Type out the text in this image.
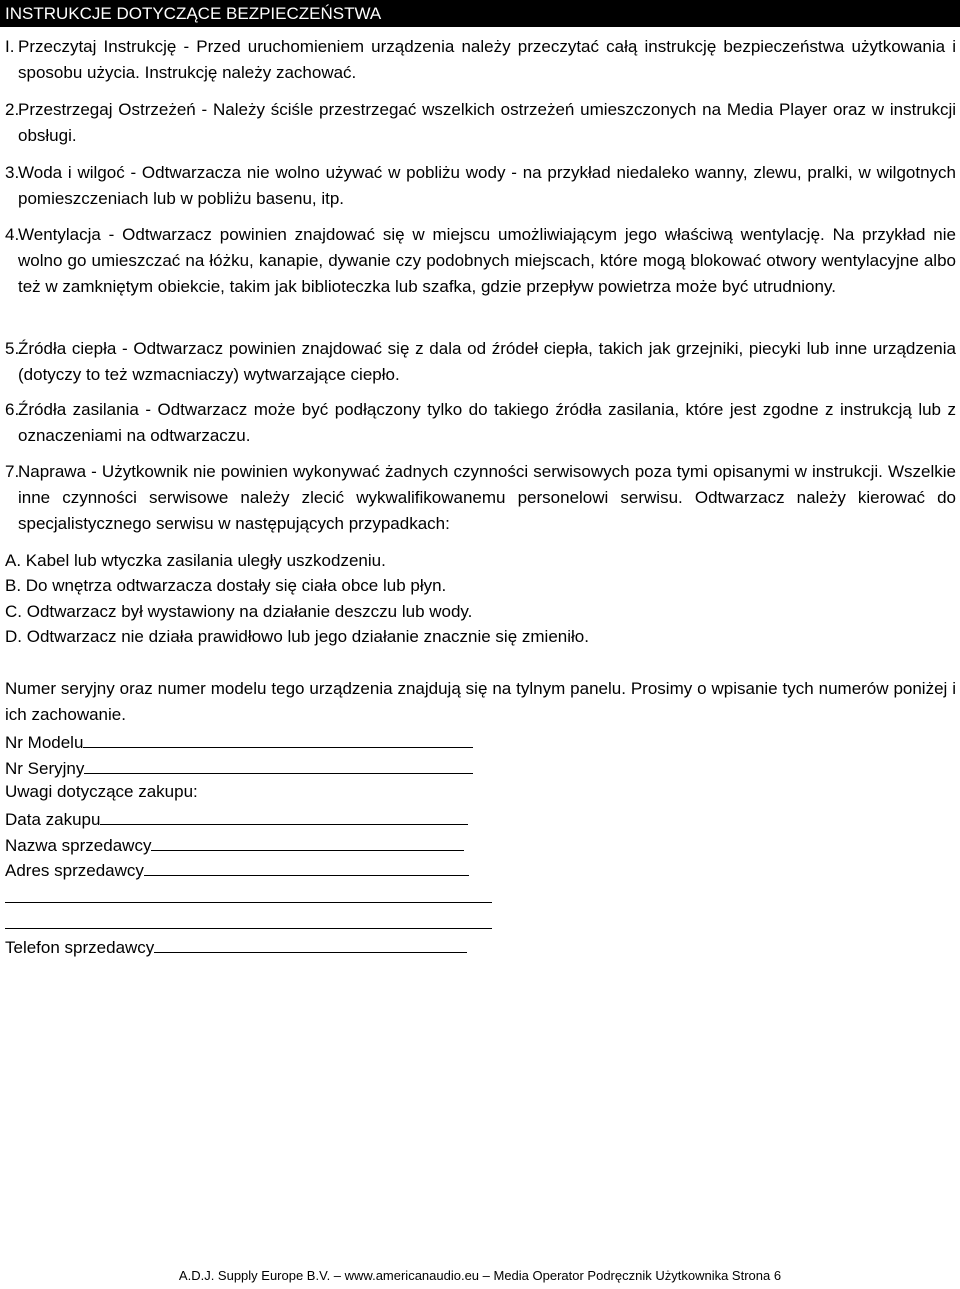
INSTRUKCJE DOTYCZĄCE BEZPIECZEŃSTWA
I. Przeczytaj Instrukcję - Przed uruchomieniem urządzenia należy przeczytać całą instrukcję bezpieczeństwa użytkowania i sposobu użycia. Instrukcję należy zachować.
2.
Przestrzegaj Ostrzeżeń - Należy ściśle przestrzegać wszelkich ostrzeżeń umieszczonych na Media Player oraz w instrukcji obsługi.
3.
Woda i wilgoć - Odtwarzacza nie wolno używać w pobliżu wody - na przykład niedaleko wanny, zlewu, pralki, w wilgotnych pomieszczeniach lub w pobliżu basenu, itp.
4.
Wentylacja - Odtwarzacz powinien znajdować się w miejscu umożliwiającym jego właściwą wentylację. Na przykład nie wolno go umieszczać na łóżku, kanapie, dywanie czy podobnych miejscach, które mogą blokować otwory wentylacyjne albo też w zamkniętym obiekcie, takim jak biblioteczka lub szafka, gdzie przepływ powietrza może być utrudniony.
5.
Źródła ciepła - Odtwarzacz powinien znajdować się z dala od źródeł ciepła, takich jak grzejniki, piecyki lub inne urządzenia (dotyczy to też wzmacniaczy) wytwarzające ciepło.
6.
Źródła zasilania - Odtwarzacz może być podłączony tylko do takiego źródła zasilania, które jest zgodne z instrukcją lub z oznaczeniami na odtwarzaczu.
7.
Naprawa - Użytkownik nie powinien wykonywać żadnych czynności serwisowych poza tymi opisanymi w instrukcji. Wszelkie inne czynności serwisowe należy zlecić wykwalifikowanemu personelowi serwisu. Odtwarzacz należy kierować do specjalistycznego serwisu w następujących przypadkach:
A. Kabel lub wtyczka zasilania uległy uszkodzeniu.
B. Do wnętrza odtwarzacza dostały się ciała obce lub płyn.
C. Odtwarzacz był wystawiony na działanie deszczu lub wody.
D. Odtwarzacz nie działa prawidłowo lub jego działanie znacznie się zmieniło.
Numer seryjny oraz numer modelu tego urządzenia znajdują się na tylnym panelu. Prosimy o wpisanie tych numerów poniżej i ich zachowanie.
Nr Modelu
Nr Seryjny
Uwagi dotyczące zakupu:
Data zakupu
Nazwa sprzedawcy
Adres sprzedawcy
Telefon sprzedawcy
A.D.J. Supply Europe B.V. – www.americanaudio.eu – Media Operator Podręcznik Użytkownika Strona 6
